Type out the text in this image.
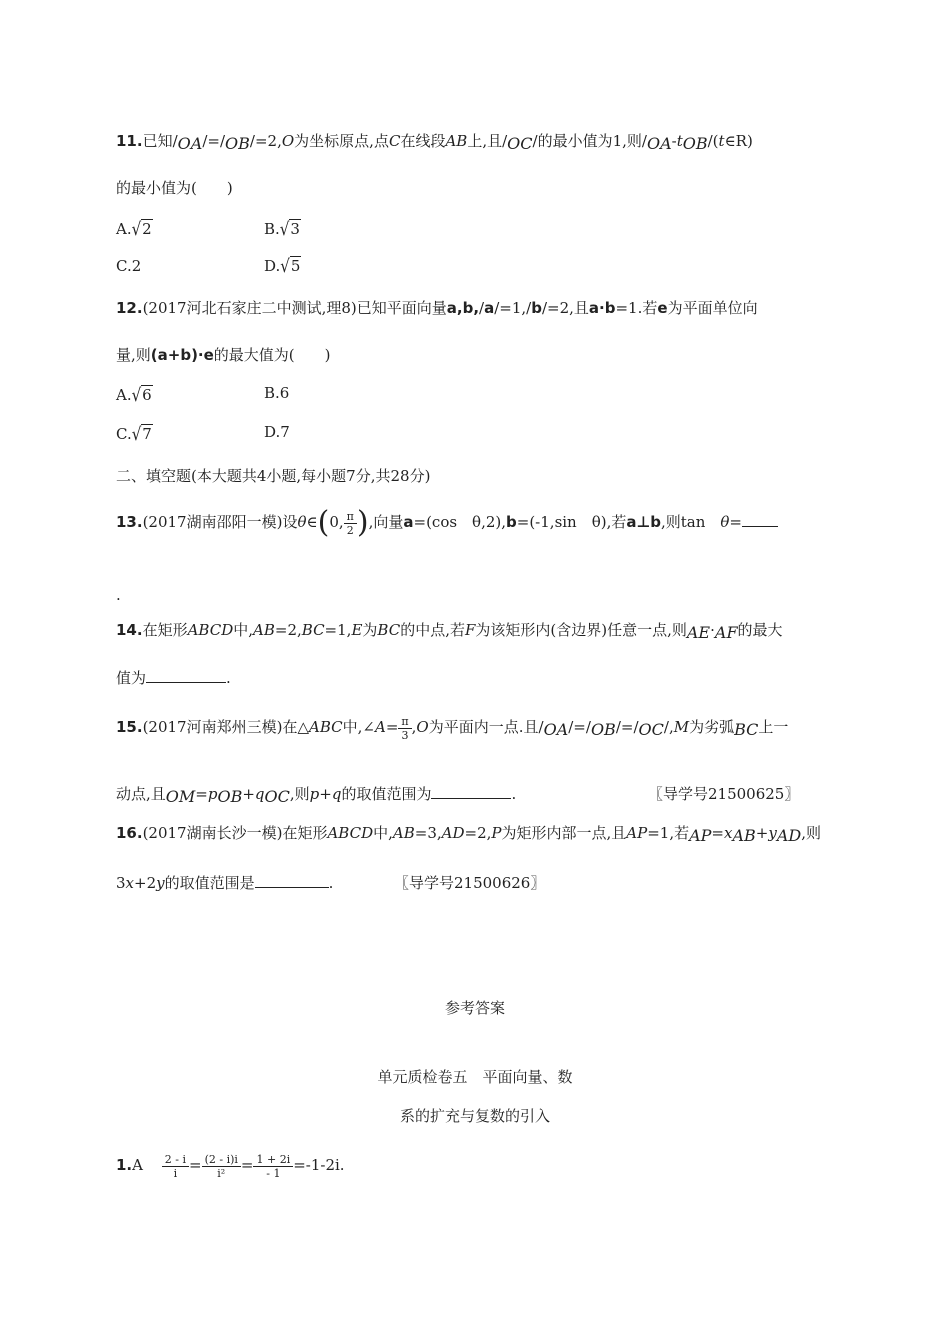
11.已知/OA/=/OB/=2,O为坐标原点,点C在线段AB上,且/OC/的最小值为1,则/OA-tOB/(t∈R)
的最小值为(　　)
A.√2	B.√3
C.2	D.√5
12.(2017河北石家庄二中测试,理8)已知平面向量a,b,/a/=1,/b/=2,且a·b=1.若e为平面单位向
量,则(a+b)·e的最大值为(　　)
A.√6	B.6
C.√7	D.7
二、填空题(本大题共4小题,每小题7分,共28分)
13.(2017湖南邵阳一模)设θ∈(0, $\frac{\pi}{2}$ ),向量a=(cos　θ,2),b=(-1,sin　θ),若a⊥b,则tan　θ=
.
14.在矩形ABCD中,AB=2,BC=1,E为BC的中点,若F为该矩形内(含边界)任意一点,则AE·AF的最大
值为	.
15.(2017河南郑州三模)在△ABC中,∠A= $\frac{\pi}{3} ,O$为平面内一点.且/OA/=/OB/=/OC/,M为劣弧BC上一
动点,且OM=pOB+qOC,则p+q的取值范围为	.	〖导学号21500625〗
16.(2017湖南长沙一模)在矩形ABCD中,AB=3,AD=2,P为矩形内部一点,且AP=1,若AP=xAB+yAD,则
3x+2y的取值范围是	.	〖导学号21500626〗
参考答案
单元质检卷五　平面向量、数
系的扩充与复数的引入
$1.A \frac{2 - i}{i} = \frac{(2 - i)i}{\text{i²}} = \frac{1 + 2i}{- 1} =-1-2i$.
